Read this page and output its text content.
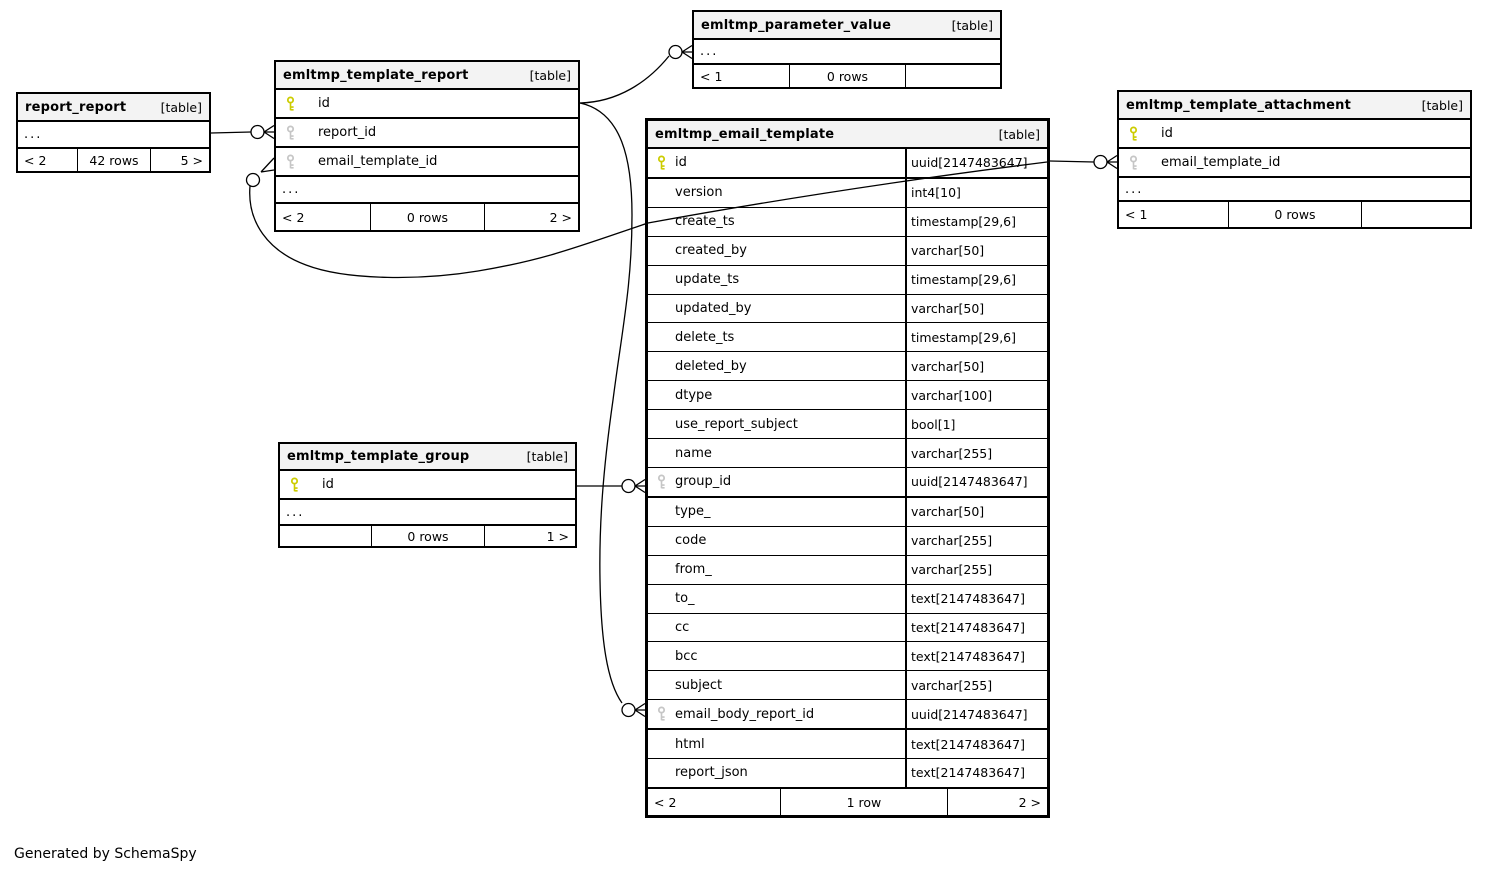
report_report	[table]
...
< 2	42 rows	5 >
emltmp_template_report	[table]
id
report_id
email_template_id
...
< 2	0 rows	2 >
emltmp_parameter_value	[table]
...
< 1	0 rows
emltmp_email_template	[table]
id	uuid[2147483647]
version	int4[10]
create_ts	timestamp[29,6]
created_by	varchar[50]
update_ts	timestamp[29,6]
updated_by	varchar[50]
delete_ts	timestamp[29,6]
deleted_by	varchar[50]
dtype	varchar[100]
use_report_subject	bool[1]
name	varchar[255]
group_id	uuid[2147483647]
type_	varchar[50]
code	varchar[255]
from_	varchar[255]
to_	text[2147483647]
cc	text[2147483647]
bcc	text[2147483647]
subject	varchar[255]
email_body_report_id	uuid[2147483647]
html	text[2147483647]
report_json	text[2147483647]
< 2	1 row	2 >
emltmp_template_attachment	[table]
id
email_template_id
...
< 1	0 rows
emltmp_template_group	[table]
id
...
0 rows	1 >
Generated by SchemaSpy
